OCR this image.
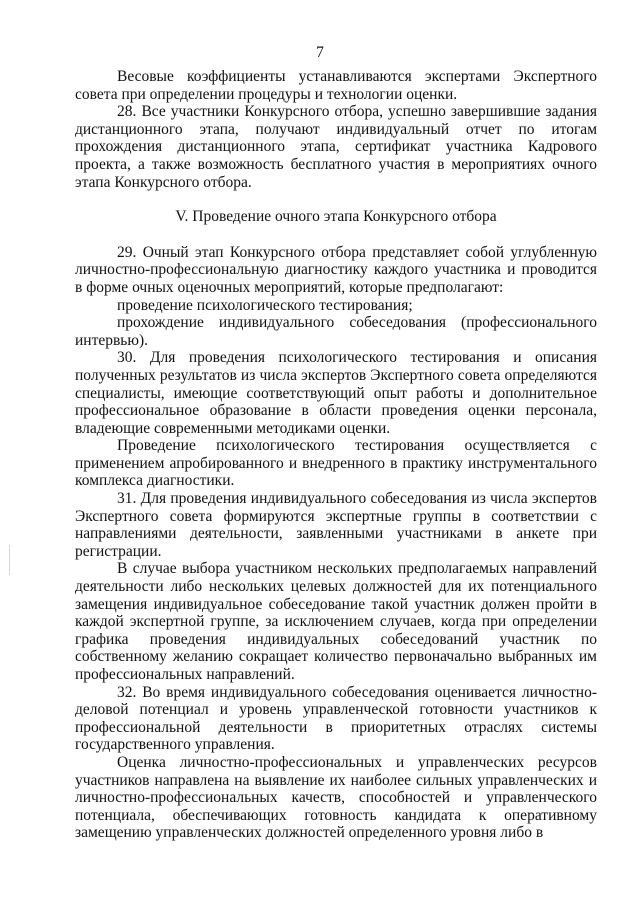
7

Весовые коэффициенты устанавливаются экспертами Экспертного совета при определении процедуры и технологии оценки.

28. Все участники Конкурсного отбора, успешно завершившие задания дистанционного этапа, получают индивидуальный отчет по итогам прохождения дистанционного этапа, сертификат участника Кадрового проекта, а также возможность бесплатного участия в мероприятиях очного этапа Конкурсного отбора.

V. Проведение очного этапа Конкурсного отбора

29. Очный этап Конкурсного отбора представляет собой углубленную личностно-профессиональную диагностику каждого участника и проводится в форме очных оценочных мероприятий, которые предполагают:

проведение психологического тестирования;

прохождение индивидуального собеседования (профессионального интервью).

30. Для проведения психологического тестирования и описания полученных результатов из числа экспертов Экспертного совета определяются специалисты, имеющие соответствующий опыт работы и дополнительное профессиональное образование в области проведения оценки персонала, владеющие современными методиками оценки.

Проведение психологического тестирования осуществляется с применением апробированного и внедренного в практику инструментального комплекса диагностики.

31. Для проведения индивидуального собеседования из числа экспертов Экспертного совета формируются экспертные группы в соответствии с направлениями деятельности, заявленными участниками в анкете при регистрации.

В случае выбора участником нескольких предполагаемых направлений деятельности либо нескольких целевых должностей для их потенциального замещения индивидуальное собеседование такой участник должен пройти в каждой экспертной группе, за исключением случаев, когда при определении графика проведения индивидуальных собеседований участник по собственному желанию сокращает количество первоначально выбранных им профессиональных направлений.

32. Во время индивидуального собеседования оценивается личностно-деловой потенциал и уровень управленческой готовности участников к профессиональной деятельности в приоритетных отраслях системы государственного управления.

Оценка личностно-профессиональных и управленческих ресурсов участников направлена на выявление их наиболее сильных управленческих и личностно-профессиональных качеств, способностей и управленческого потенциала, обеспечивающих готовность кандидата к оперативному замещению управленческих должностей определенного уровня либо в
